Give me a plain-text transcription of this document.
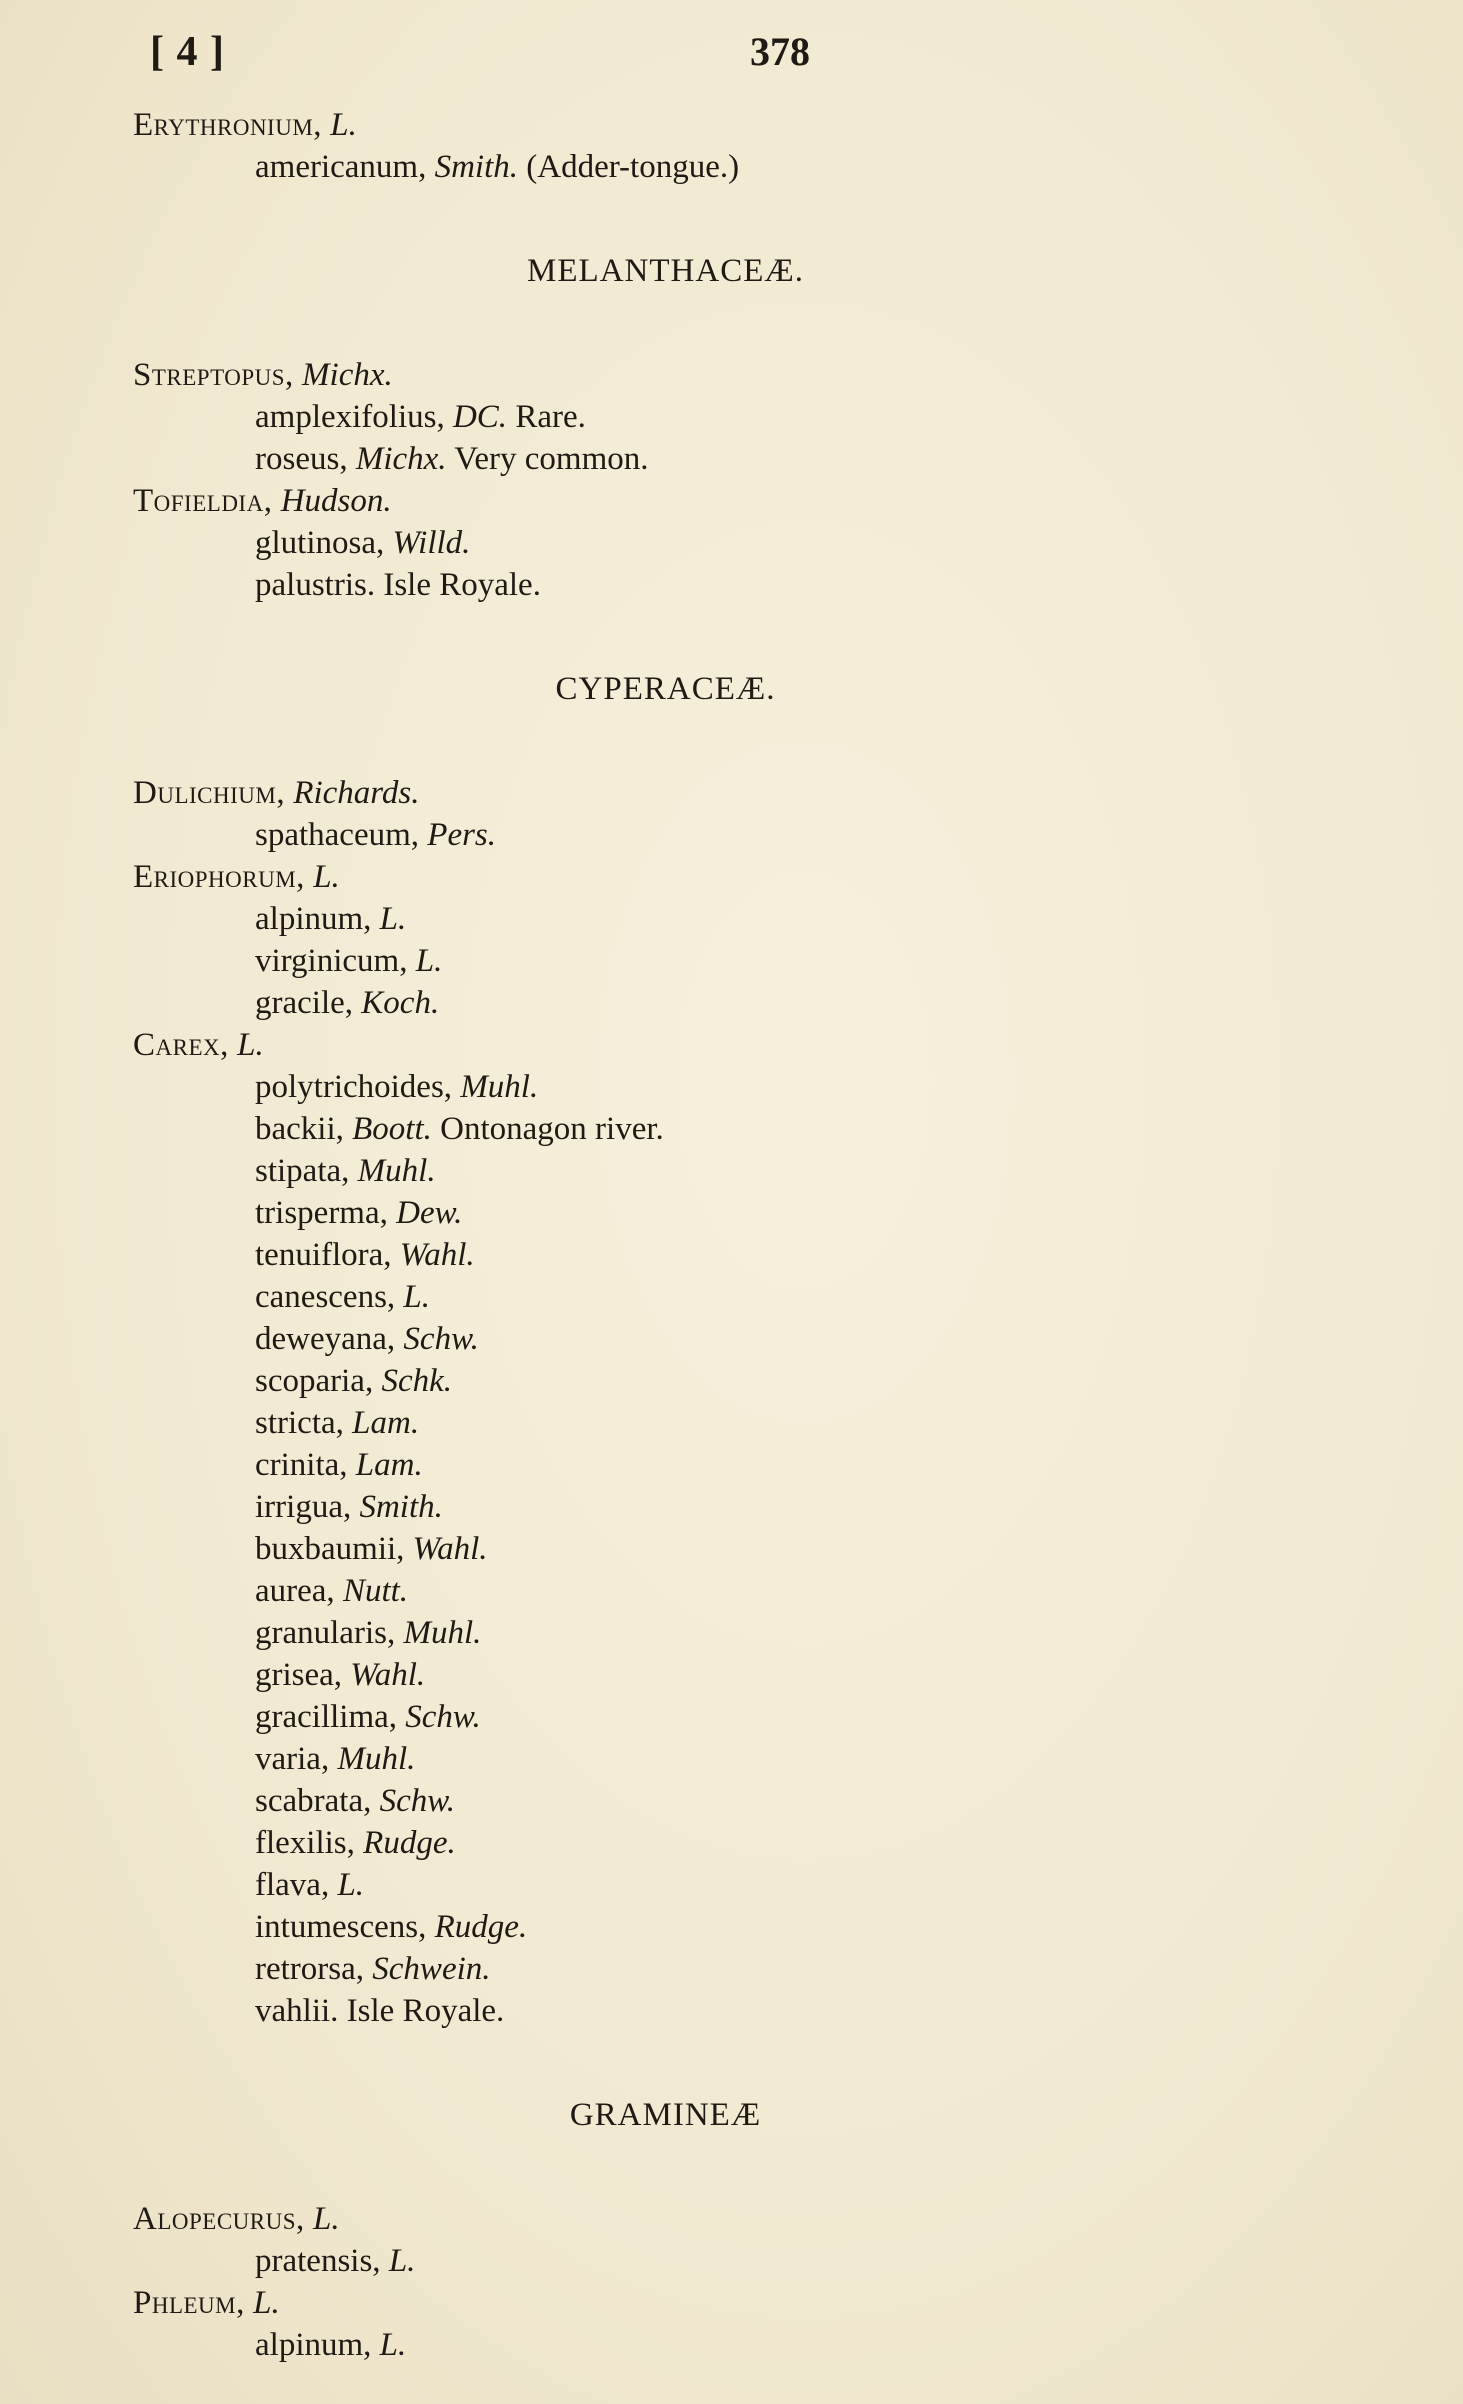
[ 4 ]	378
Erythronium, L.
americanum, Smith. (Adder-tongue.)
MELANTHACEÆ.
Streptopus, Michx.
amplexifolius, DC. Rare.
roseus, Michx. Very common.
Tofieldia, Hudson.
glutinosa, Willd.
palustris. Isle Royale.
CYPERACEÆ.
Dulichium, Richards.
spathaceum, Pers.
Eriophorum, L.
alpinum, L.
virginicum, L.
gracile, Koch.
Carex, L.
polytrichoides, Muhl.
backii, Boott. Ontonagon river.
stipata, Muhl.
trisperma, Dew.
tenuiflora, Wahl.
canescens, L.
deweyana, Schw.
scoparia, Schk.
stricta, Lam.
crinita, Lam.
irrigua, Smith.
buxbaumii, Wahl.
aurea, Nutt.
granularis, Muhl.
grisea, Wahl.
gracillima, Schw.
varia, Muhl.
scabrata, Schw.
flexilis, Rudge.
flava, L.
intumescens, Rudge.
retrorsa, Schwein.
vahlii. Isle Royale.
GRAMINEÆ
Alopecurus, L.
pratensis, L.
Phleum, L.
alpinum, L.
